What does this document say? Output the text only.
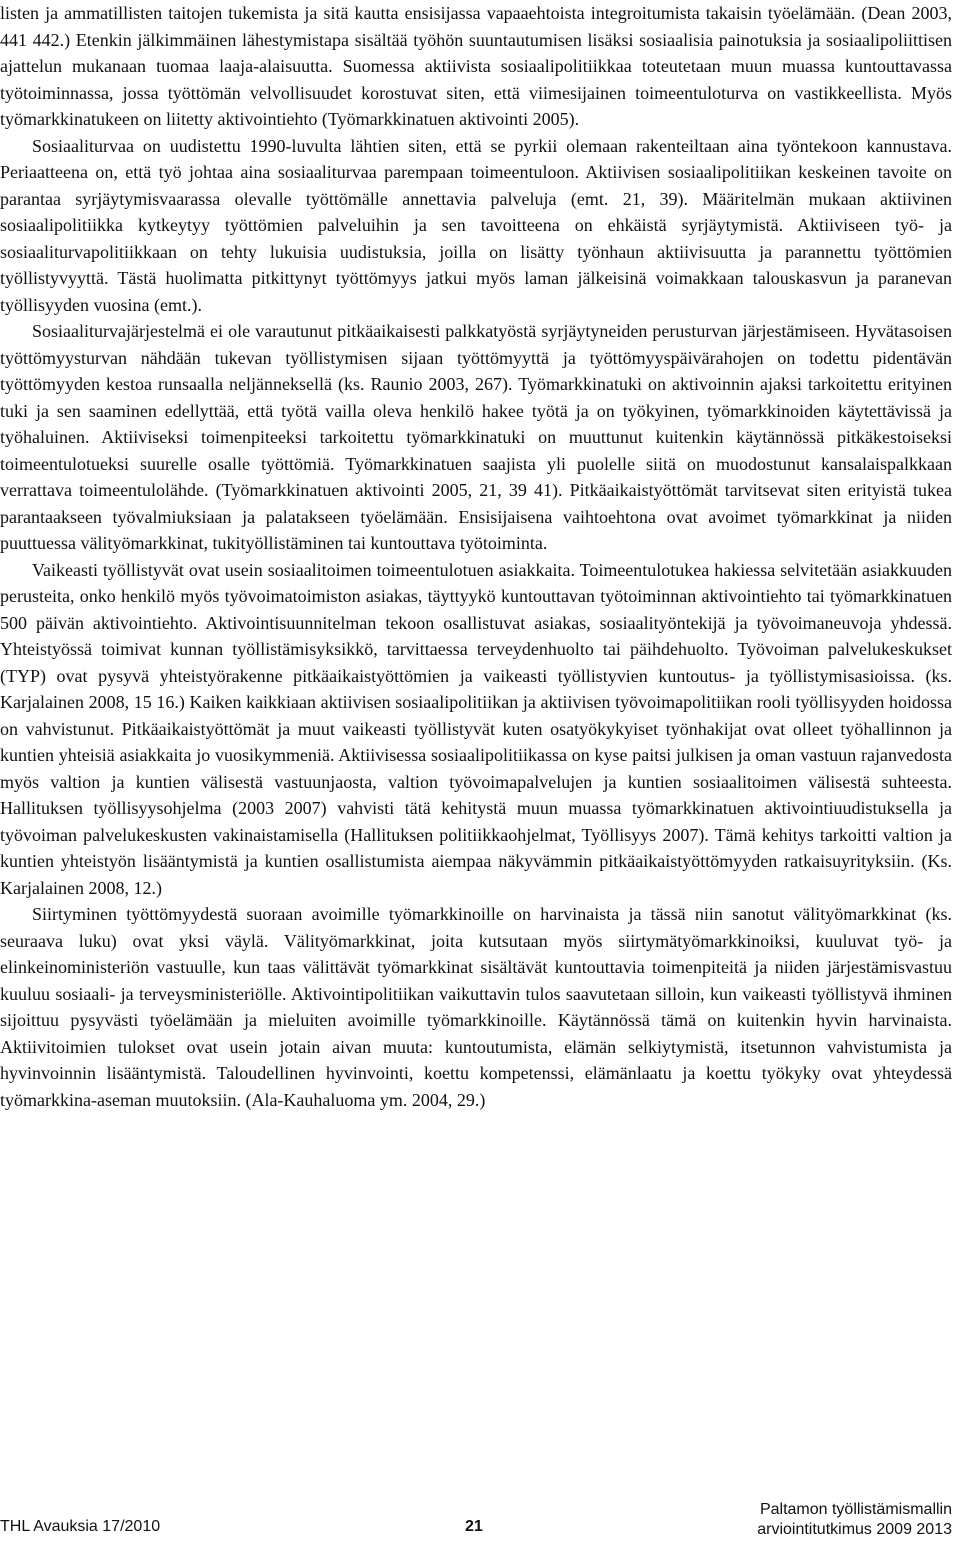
listen ja ammatillisten taitojen tukemista ja sitä kautta ensisijassa vapaaehtoista integroitumista takaisin työelämään. (Dean 2003, 441 442.) Etenkin jälkimmäinen lähestymistapa sisältää työhön suuntautumisen lisäksi sosiaalisia painotuksia ja sosiaalipoliittisen ajattelun mukanaan tuomaa laaja-alaisuutta. Suomessa aktiivista sosiaalipolitiikkaa toteutetaan muun muassa kuntouttavassa työtoiminnassa, jossa työttömän velvollisuudet korostuvat siten, että viimesijainen toimeentuloturva on vastikkeellista. Myös työmarkkinatukeen on liitetty aktivointiehto (Työmarkkinatuen aktivointi 2005).

Sosiaaliturvaa on uudistettu 1990-luvulta lähtien siten, että se pyrkii olemaan rakenteiltaan aina työntekoon kannustava. Periaatteena on, että työ johtaa aina sosiaaliturvaa parempaan toimeentuloon. Aktiivisen sosiaalipolitiikan keskeinen tavoite on parantaa syrjäytymisvaarassa olevalle työttömälle annettavia palveluja (emt. 21, 39). Määritelmän mukaan aktiivinen sosiaalipolitiikka kytkeytyy työttömien palveluihin ja sen tavoitteena on ehkäistä syrjäytymistä. Aktiiviseen työ- ja sosiaaliturvapolitiikkaan on tehty lukuisia uudistuksia, joilla on lisätty työnhaun aktiivisuutta ja parannettu työttömien työllistyvyyttä. Tästä huolimatta pitkittynyt työttömyys jatkui myös laman jälkeisinä voimakkaan talouskasvun ja paranevan työllisyyden vuosina (emt.).

Sosiaaliturvajärjestelmä ei ole varautunut pitkäaikaisesti palkkatyöstä syrjäytyneiden perusturvan järjestämiseen. Hyvätasoisen työttömyysturvan nähdään tukevan työllistymisen sijaan työttömyyttä ja työttömyyspäivärahojen on todettu pidentävän työttömyyden kestoa runsaalla neljänneksellä (ks. Raunio 2003, 267). Työmarkkinatuki on aktivoinnin ajaksi tarkoitettu erityinen tuki ja sen saaminen edellyttää, että työtä vailla oleva henkilö hakee työtä ja on työkyinen, työmarkkinoiden käytettävissä ja työhaluinen. Aktiiviseksi toimenpiteeksi tarkoitettu työmarkkinatuki on muuttunut kuitenkin käytännössä pitkäkestoiseksi toimeentulotueksi suurelle osalle työttömiä. Työmarkkinatuen saajista yli puolelle siitä on muodostunut kansalaispalkkaan verrattava toimeentulolähde. (Työmarkkinatuen aktivointi 2005, 21, 39 41). Pitkäaikaistyöttömät tarvitsevat siten erityistä tukea parantaakseen työvalmiuksiaan ja palatakseen työelämään. Ensisijaisena vaihtoehtona ovat avoimet työmarkkinat ja niiden puuttuessa välityömarkkinat, tukityöllistäminen tai kuntouttava työtoiminta.

Vaikeasti työllistyvät ovat usein sosiaalitoimen toimeentulotuen asiakkaita. Toimeentulotukea hakiessa selvitetään asiakkuuden perusteita, onko henkilö myös työvoimatoimiston asiakas, täyttyykö kuntouttavan työtoiminnan aktivointiehto tai työmarkkinatuen 500 päivän aktivointiehto. Aktivointisuunnitelman tekoon osallistuvat asiakas, sosiaalityöntekijä ja työvoimaneuvoja yhdessä. Yhteistyössä toimivat kunnan työllistämisyksikkö, tarvittaessa terveydenhuolto tai päihdehuolto. Työvoiman palvelukeskukset (TYP) ovat pysyvä yhteistyörakenne pitkäaikaistyöttömien ja vaikeasti työllistyvien kuntoutus- ja työllistymisasioissa. (ks. Karjalainen 2008, 15 16.) Kaiken kaikkiaan aktiivisen sosiaalipolitiikan ja aktiivisen työvoimapolitiikan rooli työllisyyden hoidossa on vahvistunut. Pitkäaikaistyöttömät ja muut vaikeasti työllistyvät kuten osatyökykyiset työnhakijat ovat olleet työhallinnon ja kuntien yhteisiä asiakkaita jo vuosikymmeniä. Aktiivisessa sosiaalipolitiikassa on kyse paitsi julkisen ja oman vastuun rajanvedosta myös valtion ja kuntien välisestä vastuunjaosta, valtion työvoimapalvelujen ja kuntien sosiaalitoimen välisestä suhteesta. Hallituksen työllisyysohjelma (2003 2007) vahvisti tätä kehitystä muun muassa työmarkkinatuen aktivointiuudistuksella ja työvoiman palvelukeskusten vakinaistamisella (Hallituksen politiikkaohjelmat, Työllisyys 2007). Tämä kehitys tarkoitti valtion ja kuntien yhteistyön lisääntymistä ja kuntien osallistumista aiempaa näkyvämmin pitkäaikaistyöttömyyden ratkaisuyrityksiin. (Ks. Karjalainen 2008, 12.)

Siirtyminen työttömyydestä suoraan avoimille työmarkkinoille on harvinaista ja tässä niin sanotut välityömarkkinat (ks. seuraava luku) ovat yksi väylä. Välityömarkkinat, joita kutsutaan myös siirtymätyömarkkinoiksi, kuuluvat työ- ja elinkeinoministeriön vastuulle, kun taas välittävät työmarkkinat sisältävät kuntouttavia toimenpiteitä ja niiden järjestämisvastuu kuuluu sosiaali- ja terveysministeriölle. Aktivointipolitiikan vaikuttavin tulos saavutetaan silloin, kun vaikeasti työllistyvä ihminen sijoittuu pysyvästi työelämään ja mieluiten avoimille työmarkkinoille. Käytännössä tämä on kuitenkin hyvin harvinaista. Aktiivitoimien tulokset ovat usein jotain aivan muuta: kuntoutumista, elämän selkiytymistä, itsetunnon vahvistumista ja hyvinvoinnin lisääntymistä. Taloudellinen hyvinvointi, koettu kompetenssi, elämänlaatu ja koettu työkyky ovat yhteydessä työmarkkina-aseman muutoksiin. (Ala-Kauhaluoma ym. 2004, 29.)

THL Avauksia 17/2010	21
Paltamon työllistämismallin
arviointitutkimus 2009 2013
